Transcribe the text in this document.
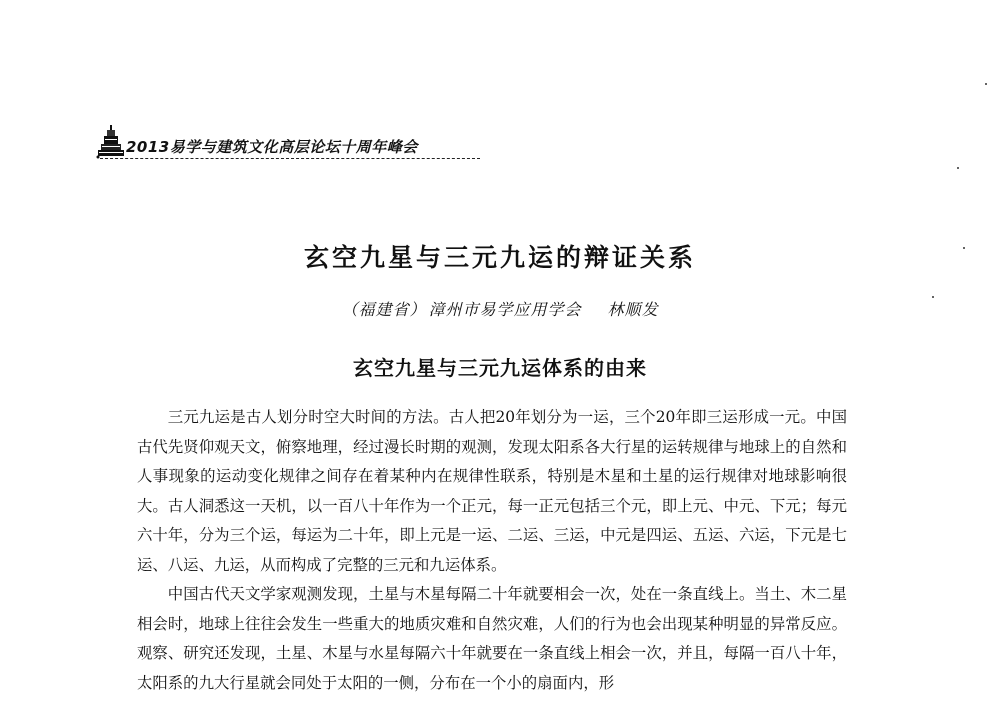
2013易学与建筑文化高层论坛十周年峰会
玄空九星与三元九运的辩证关系
（福建省） 漳州市易学应用学会 林顺发
玄空九星与三元九运体系的由来

三元九运是古人划分时空大时间的方法。古人把20年划分为一运，三个20年即三运形成一元。中国古代先贤仰观天文，俯察地理，经过漫长时期的观测，发现太阳系各大行星的运转规律与地球上的自然和人事现象的运动变化规律之间存在着某种内在规律性联系，特别是木星和土星的运行规律对地球影响很大。古人洞悉这一天机，以一百八十年作为一个正元，每一正元包括三个元，即上元、中元、下元；每元六十年，分为三个运，每运为二十年，即上元是一运、二运、三运，中元是四运、五运、六运，下元是七运、八运、九运，从而构成了完整的三元和九运体系。

中国古代天文学家观测发现，土星与木星每隔二十年就要相会一次，处在一条直线上。当土、木二星相会时，地球上往往会发生一些重大的地质灾难和自然灾难，人们的行为也会出现某种明显的异常反应。观察、研究还发现，土星、木星与水星每隔六十年就要在一条直线上相会一次，并且，每隔一百八十年，太阳系的九大行星就会同处于太阳的一侧，分布在一个小的扇面内，形
